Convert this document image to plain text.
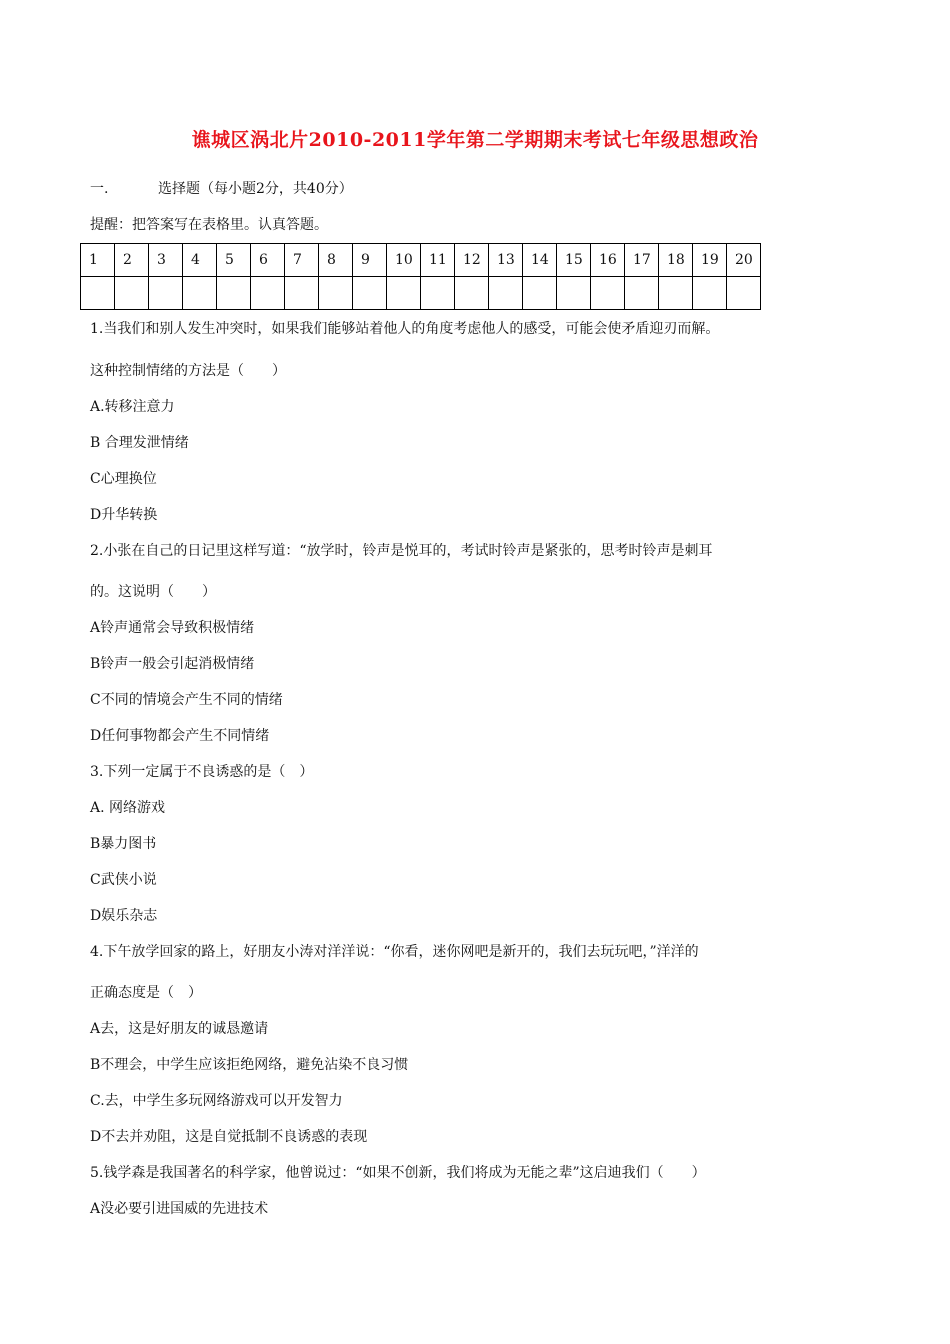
谯城区涡北片2010-2011学年第二学期期末考试七年级思想政治
一.	选择题（每小题2分，共40分）
提醒：把答案写在表格里。认真答题。
1	2	3	4	5	6	7	8	9	10	11	12	13	14	15	16	17	18	19	20

1.当我们和别人发生冲突时，如果我们能够站着他人的角度考虑他人的感受，可能会使矛盾迎刃而解。
这种控制情绪的方法是（　　）
A.转移注意力
B 合理发泄情绪
C心理换位
D升华转换
2.小张在自己的日记里这样写道：“放学时，铃声是悦耳的，考试时铃声是紧张的，思考时铃声是刺耳
的。这说明（　　）
A铃声通常会导致积极情绪
B铃声一般会引起消极情绪
C不同的情境会产生不同的情绪
D任何事物都会产生不同情绪
3.下列一定属于不良诱惑的是（　）
A. 网络游戏
B暴力图书
C武侠小说
D娱乐杂志
4.下午放学回家的路上，好朋友小涛对洋洋说：“你看，迷你网吧是新开的，我们去玩玩吧，”洋洋的
正确态度是（　）
A去，这是好朋友的诚恳邀请
B不理会，中学生应该拒绝网络，避免沾染不良习惯
C.去，中学生多玩网络游戏可以开发智力
D不去并劝阻，这是自觉抵制不良诱惑的表现
5.钱学森是我国著名的科学家，他曾说过：“如果不创新，我们将成为无能之辈”这启迪我们（　　）
A没必要引进国威的先进技术
